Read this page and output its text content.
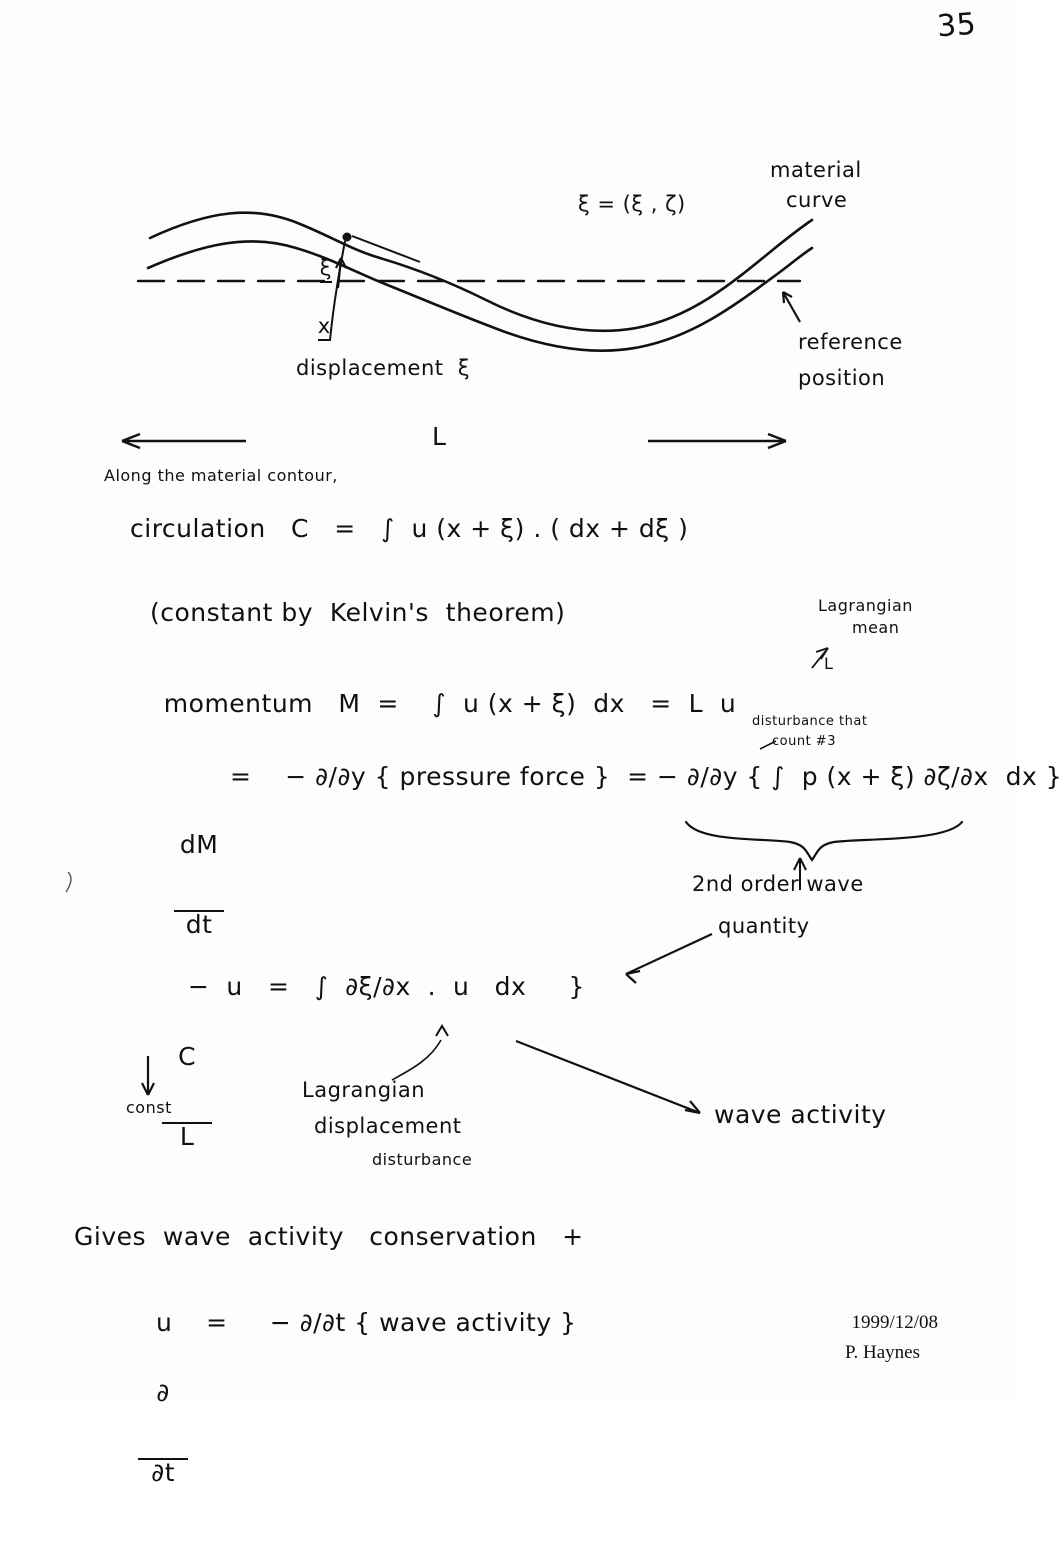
35
material
curve
ξ = (ξ , ζ)

ξ

x

displacement  ξ
reference
position
L
Along the material contour,
circulation   C   =   ∫  u (x + ξ) . ( dx + dξ )
(constant by  Kelvin's  theorem)	Lagrangian
mean

momentum   M  =    ∫  u (x + ξ)  dx   =  L  u

L
disturbance that
count #3

$\frac{dM}{dt}$

=    − ∂/∂y { pressure force }  = − ∂/∂y { ∫  p (x + ξ) ∂ζ/∂x  dx }
2nd order wave
quantity

$\frac{C}{L}$

−  u   =   ∫  ∂ξ/∂x  .  u   dx     }
const
Lagrangian
displacement
disturbance
wave activity
Gives  wave  activity   conservation   +

$\frac{\partial}{\partial t}$

u    =     − ∂/∂t { wave activity }	1999/12/08
P. Haynes
